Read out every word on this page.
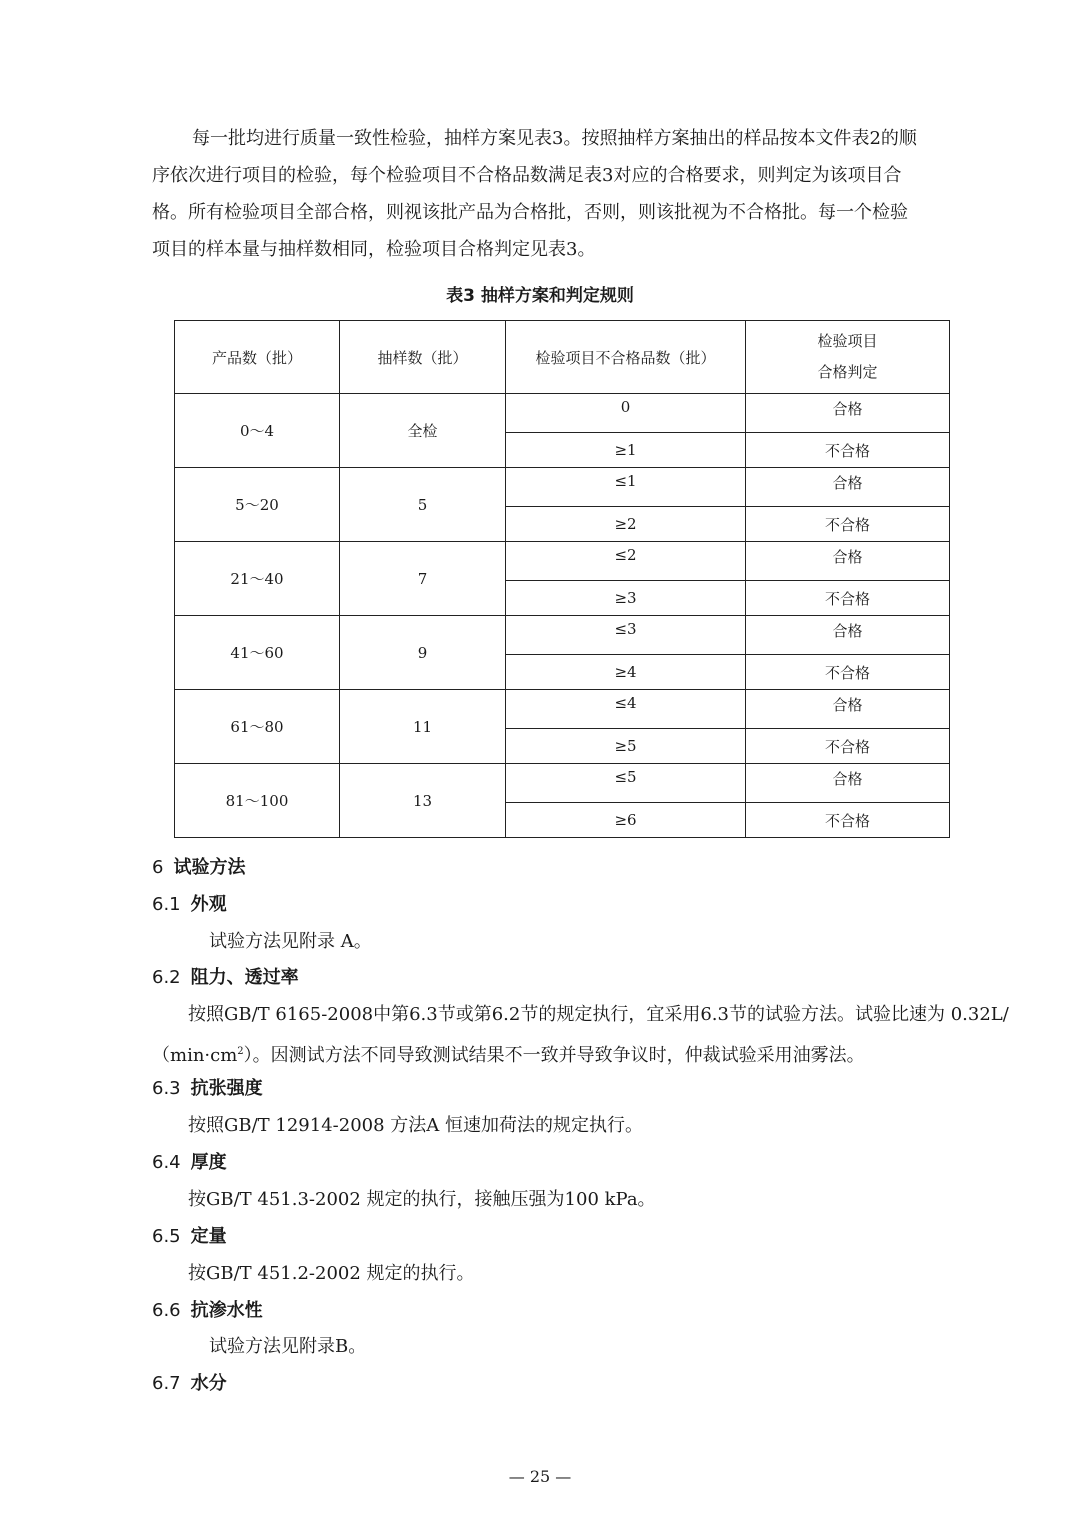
每一批均进行质量一致性检验，抽样方案见表3。按照抽样方案抽出的样品按本文件表2的顺

序依次进行项目的检验，每个检验项目不合格品数满足表3对应的合格要求，则判定为该项目合

格。所有检验项目全部合格，则视该批产品为合格批，否则，则该批视为不合格批。每一个检验

项目的样本量与抽样数相同，检验项目合格判定见表3。

表3 抽样方案和判定规则
产品数（批）	抽样数（批）	检验项目不合格品数（批）	检验项目
合格判定

0～4	全检	0	合格
		≥1	不合格
5～20	5	≤1	合格
		≥2	不合格
21～40	7	≤2	合格
		≥3	不合格
41～60	9	≤3	合格
		≥4	不合格
61～80	11	≤4	合格
		≥5	不合格
81～100	13	≤5	合格
		≥6	不合格
6 试验方法
6.1 外观

试验方法见附录 A。

6.2 阻力、透过率

按照GB/T 6165-2008中第6.3节或第6.2节的规定执行，宜采用6.3节的试验方法。试验比速为 0.32L/

$(\min\cdot cm^2)$。因测试方法不同导致测试结果不一致并导致争议时，仲裁试验采用油雾法。

6.3 抗张强度

按照GB/T 12914-2008 方法A 恒速加荷法的规定执行。

6.4 厚度

按GB/T 451.3-2002 规定的执行，接触压强为100 kPa。

6.5 定量

按GB/T 451.2-2002 规定的执行。

6.6 抗渗水性

试验方法见附录B。

6.7 水分
— 25 —
